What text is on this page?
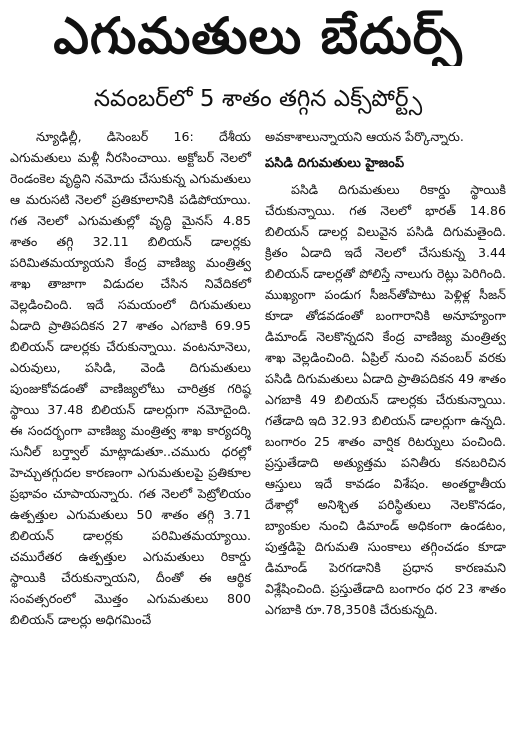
ఎగుమతులు బేదుర్స్
నవంబర్‌లో 5 శాతం తగ్గిన ఎక్స్‌పోర్ట్స్

న్యూఢిల్లీ, డిసెంబర్ 16: దేశీయ ఎగుమతులు మళ్లీ నీరసించాయి. అక్టోబర్ నెలలో రెండంకెల వృద్ధిని నమోదు చేసుకున్న ఎగుమతులు ఆ మరుసటి నెలలో ప్రతికూలానికి పడిపోయాయి. గత నెలలో ఎగుమతుల్లో వృద్ధి మైనస్ 4.85 శాతం తగ్గి 32.11 బిలియన్ డాలర్లకు పరిమితమయ్యాయని కేంద్ర వాణిజ్య మంత్రిత్వ శాఖ తాజాగా విడుదల చేసిన నివేదికలో వెల్లడించింది. ఇదే సమయంలో దిగుమతులు ఏడాది ప్రాతిపదికన 27 శాతం ఎగబాకి 69.95 బిలియన్ డాలర్లకు చేరుకున్నాయి. వంటనూనెలు, ఎరువులు, పసిడి, వెండి దిగుమతులు పుంజుకోవడంతో వాణిజ్యలోటు చారిత్రక గరిష్ఠ స్థాయి 37.48 బిలియన్ డాలర్లుగా నమోదైంది. ఈ సందర్భంగా వాణిజ్య మంత్రిత్వ శాఖ కార్యదర్శి సునీల్ బర్త్వాల్ మాట్లాడుతూ..చమురు ధరల్లో హెచ్చుతగ్గుదల కారణంగా ఎగుమతులపై ప్రతికూల ప్రభావం చూపాయన్నారు. గత నెలలో పెట్రోలియం ఉత్పత్తుల ఎగుమతులు 50 శాతం తగ్గి 3.71 బిలియన్ డాలర్లకు పరిమితమయ్యాయి. చమురేతర ఉత్పత్తుల ఎగుమతులు రికార్డు స్థాయికి చేరుకున్నాయని, దీంతో ఈ ఆర్థిక సంవత్సరంలో మొత్తం ఎగుమతులు 800 బిలియన్ డాలర్లు అధిగమించే

అవకాశాలున్నాయని ఆయన పేర్కొన్నారు.

పసిడి దిగుమతులు హైజంప్

పసిడి దిగుమతులు రికార్డు స్థాయికి చేరుకున్నాయి. గత నెలలో భారత్ 14.86 బిలియన్ డాలర్ల విలువైన పసిడి దిగుమతైంది. క్రితం ఏడాది ఇదే నెలలో చేసుకున్న 3.44 బిలియన్ డాలర్లతో పోలిస్తే నాలుగు రెట్లు పెరిగింది. ముఖ్యంగా పండుగ సీజన్‌తోపాటు పెళ్లిళ్ల సీజన్ కూడా తోడవడంతో బంగారానికి అనూహ్యంగా డిమాండ్ నెలకొన్నదని కేంద్ర వాణిజ్య మంత్రిత్వ శాఖ వెల్లడించింది. ఏప్రిల్ నుంచి నవంబర్ వరకు పసిడి దిగుమతులు ఏడాది ప్రాతిపదికన 49 శాతం ఎగబాకి 49 బిలియన్ డాలర్లకు చేరుకున్నాయి. గతేడాది ఇది 32.93 బిలియన్ డాలర్లుగా ఉన్నది. బంగారం 25 శాతం వార్షిక రిటర్నులు పంచింది. ప్రస్తుతేడాది అత్యుత్తమ పనితీరు కనబరిచిన ఆస్తులు ఇదే కావడం విశేషం. అంతర్జాతీయ దేశాల్లో అనిశ్చిత పరిస్థితులు నెలకొనడం, బ్యాంకుల నుంచి డిమాండ్ అధికంగా ఉండటం, పుత్తడిపై దిగుమతి సుంకాలు తగ్గించడం కూడా డిమాండ్ పెరగడానికి ప్రధాన కారణమని విశ్లేషించింది. ప్రస్తుతేడాది బంగారం ధర 23 శాతం ఎగబాకి రూ.78,350కి చేరుకున్నది.
